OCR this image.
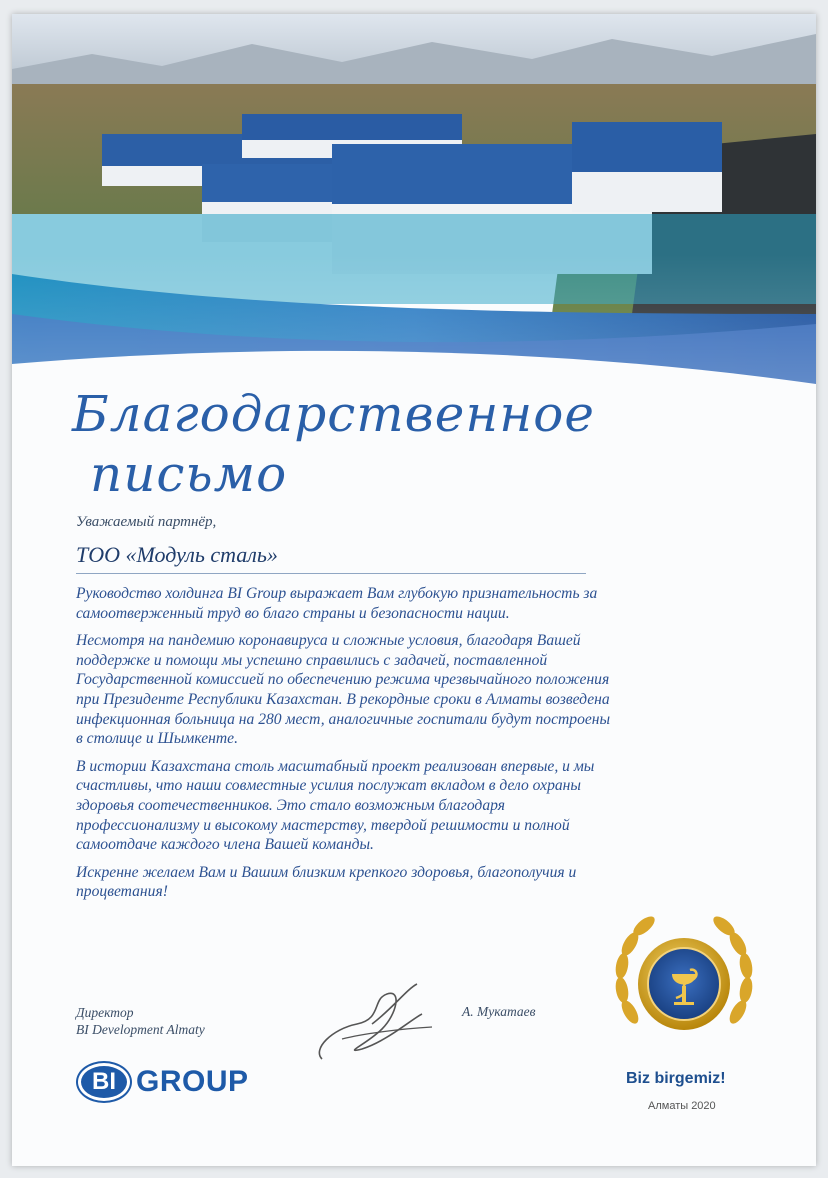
Благодарственное
письмо
Уважаемый партнёр,
ТОО «Модуль сталь»

Руководство холдинга BI Group выражает Вам глубокую признательность за самоотверженный труд во благо страны и безопасности нации.

Несмотря на пандемию коронавируса и сложные условия, благодаря Вашей поддержке и помощи мы успешно справились с задачей, поставленной Государственной комиссией по обеспечению режима чрезвычайного положения при Президенте Республики Казахстан. В рекордные сроки в Алматы возведена инфекционная больница на 280 мест, аналогичные госпитали будут построены в столице и Шымкенте.

В истории Казахстана столь масштабный проект реализован впервые, и мы счастливы, что наши совместные усилия послужат вкладом в дело охраны здоровья соотечественников. Это стало возможным благодаря профессионализму и высокому мастерству, твердой решимости и полной самоотдаче каждого члена Вашей команды.

Искренне желаем Вам и Вашим близким крепкого здоровья, благополучия и процветания!

Директор
BI Development Almaty
А. Мукатаев
BI GROUP	Biz birgemiz!
Алматы 2020
